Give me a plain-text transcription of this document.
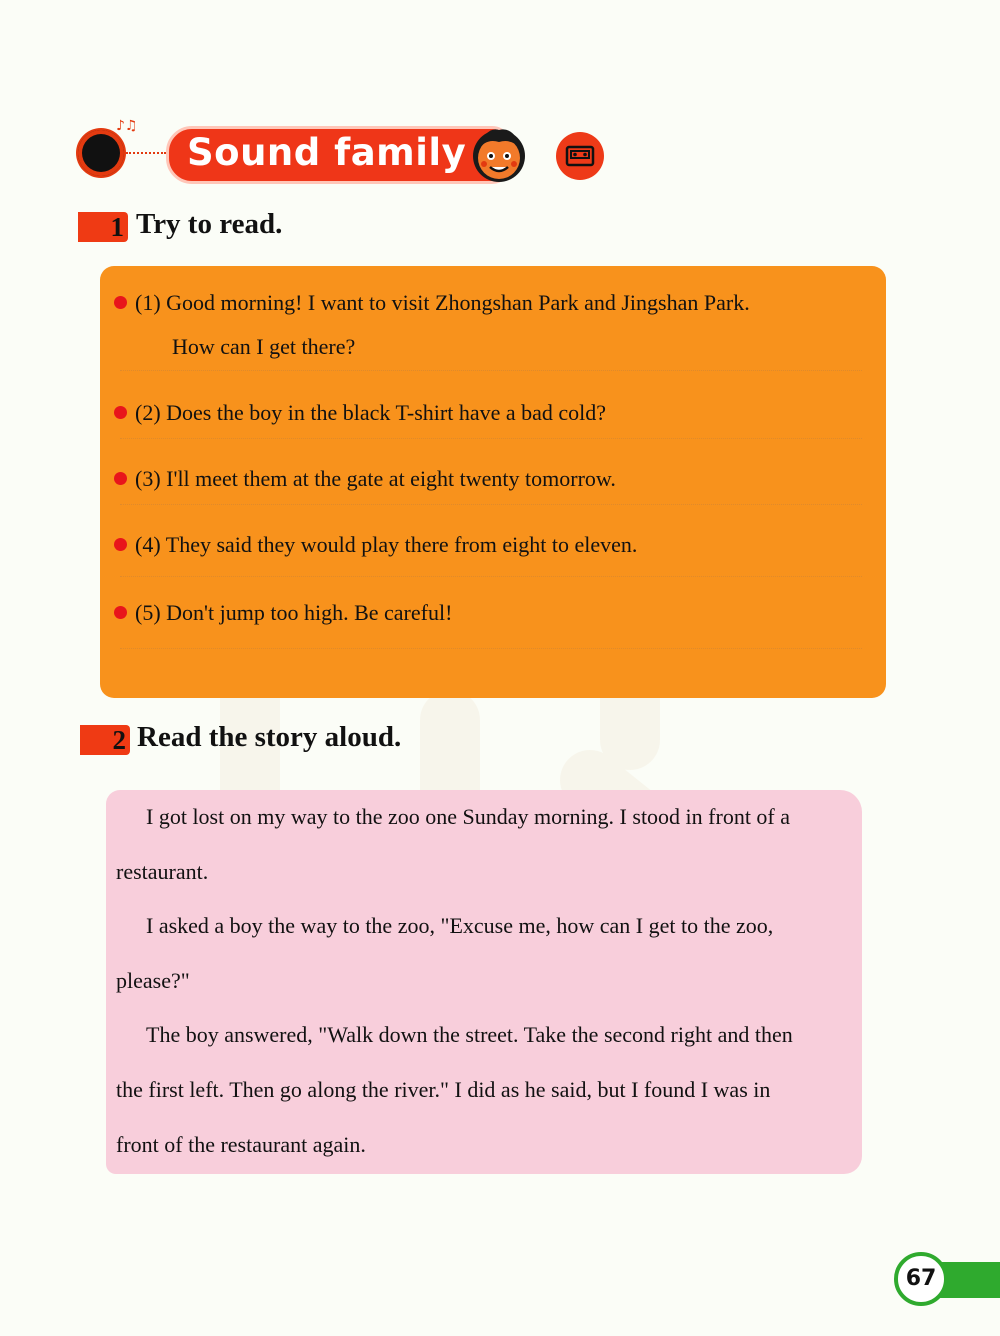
♪♫
Sound family
1 Try to read.
(1) Good morning! I want to visit Zhongshan Park and Jingshan Park.
How can I get there?
(2) Does the boy in the black T-shirt have a bad cold?
(3) I'll meet them at the gate at eight twenty tomorrow.
(4) They said they would play there from eight to eleven.
(5) Don't jump too high. Be careful!
2 Read the story aloud.
I got lost on my way to the zoo one Sunday morning. I stood in front of a
restaurant.
I asked a boy the way to the zoo, "Excuse me, how can I get to the zoo,
please?"
The boy answered, "Walk down the street. Take the second right and then
the first left. Then go along the river." I did as he said, but I found I was in
front of the restaurant again.
67
